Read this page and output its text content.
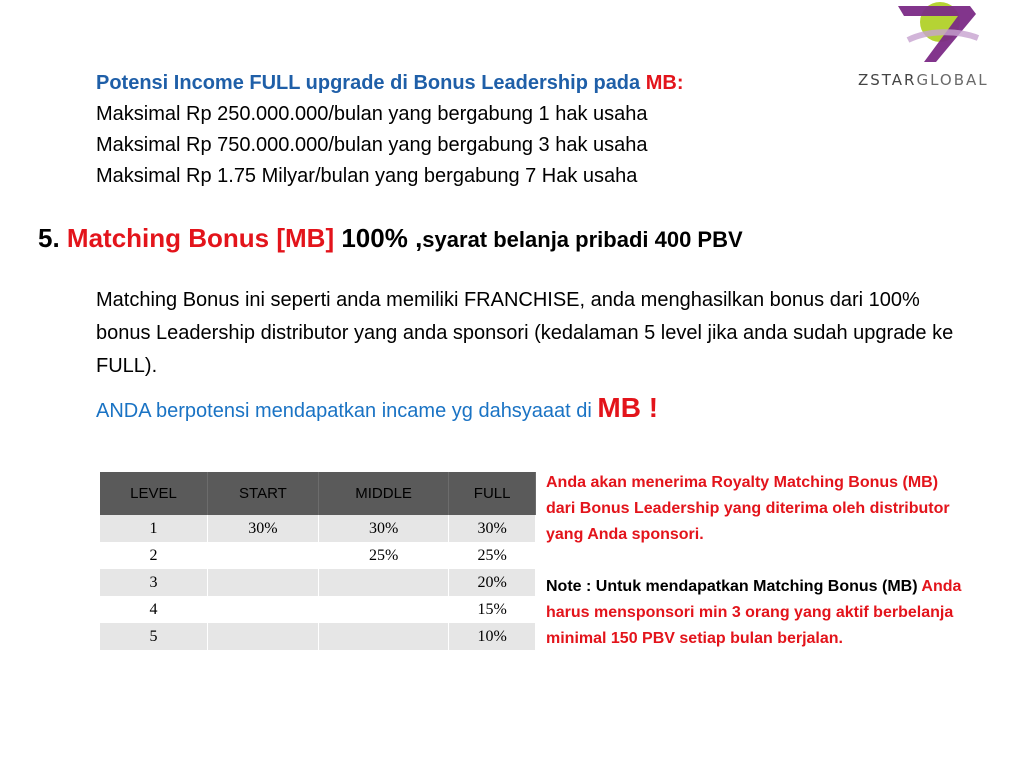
ZSTARGLOBAL
Potensi Income FULL upgrade di Bonus Leadership pada MB:
Maksimal Rp 250.000.000/bulan yang bergabung 1 hak usaha
Maksimal Rp 750.000.000/bulan yang bergabung 3 hak usaha
Maksimal Rp 1.75 Milyar/bulan yang bergabung 7 Hak usaha
5. Matching Bonus [MB] 100% ,syarat belanja pribadi 400 PBV
Matching Bonus ini seperti anda memiliki FRANCHISE, anda menghasilkan bonus dari 100% bonus Leadership distributor yang anda sponsori (kedalaman 5 level jika anda sudah upgrade ke FULL).
ANDA berpotensi mendapatkan incame yg dahsyaaat di MB !
LEVEL	START	MIDDLE	FULL
1	30%	30%	30%
2		25%	25%
3			20%
4			15%
5			10%
Anda akan menerima Royalty Matching Bonus (MB) dari Bonus Leadership yang diterima oleh distributor yang Anda sponsori.
Note : Untuk mendapatkan Matching Bonus (MB) Anda harus mensponsori min 3 orang yang aktif berbelanja minimal 150 PBV setiap bulan berjalan.
